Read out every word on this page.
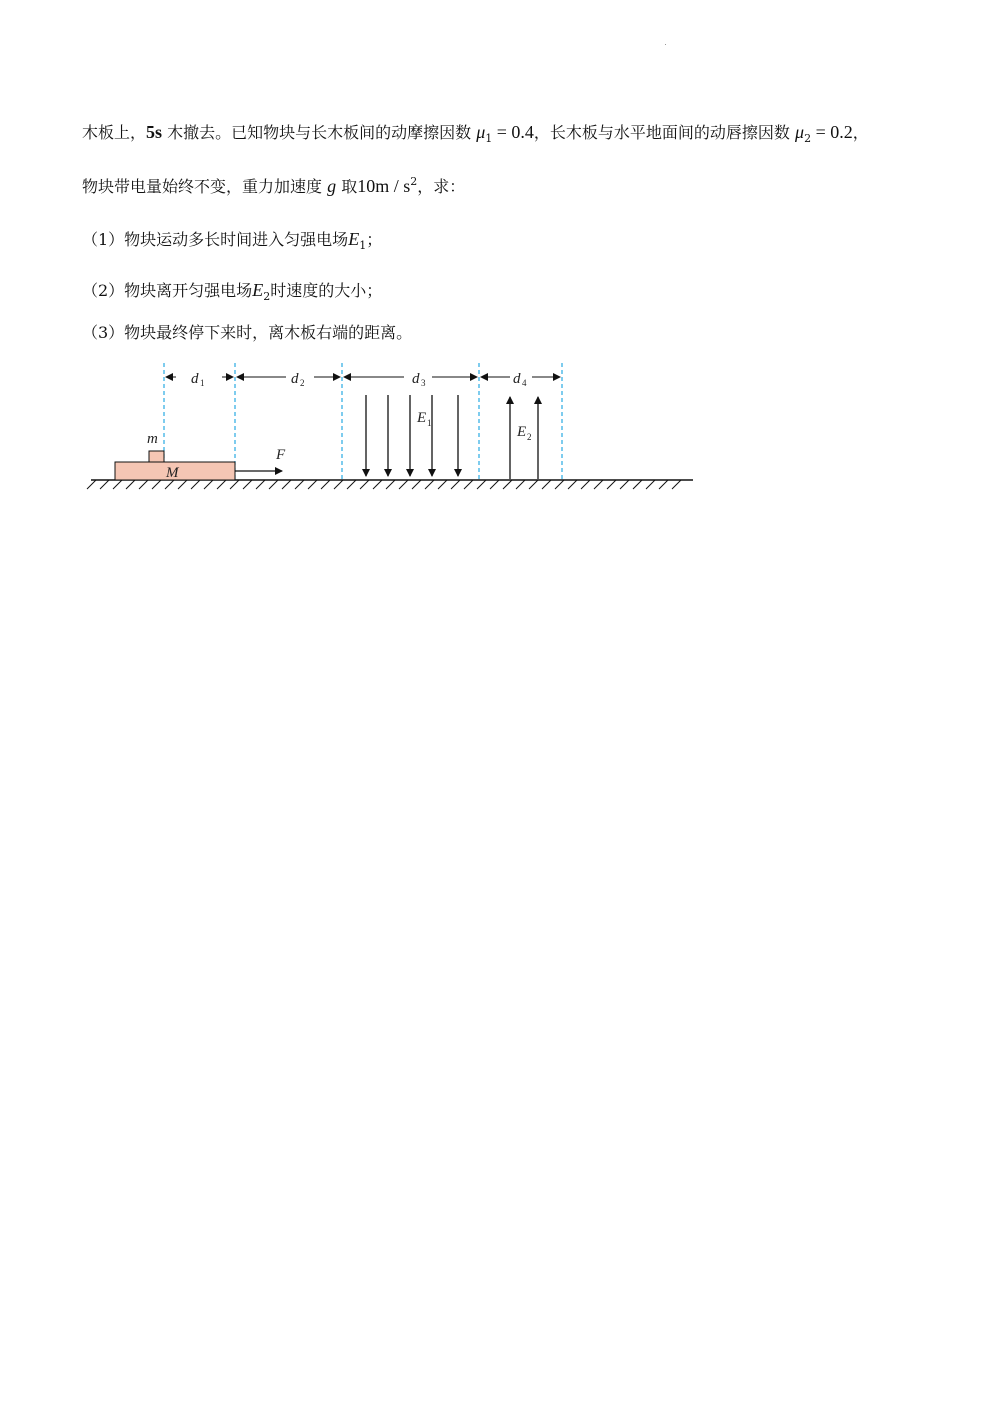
木板上，5s 木撤去。已知物块与长木板间的动摩擦因数 $\mu_1 = 0.4$，长木板与水平地面间的动唇擦因数 $\mu_2 = 0.2$，
物块带电量始终不变，重力加速度 g 取$10m / s^2$，求：
（1）物块运动多长时间进入匀强电场$E_1$；
（2）物块离开匀强电场$E_2$时速度的大小；
（3）物块最终停下来时，离木板右端的距离。
d 1	d 2	d 3	d 4
E 1
E 2
M
m
F
